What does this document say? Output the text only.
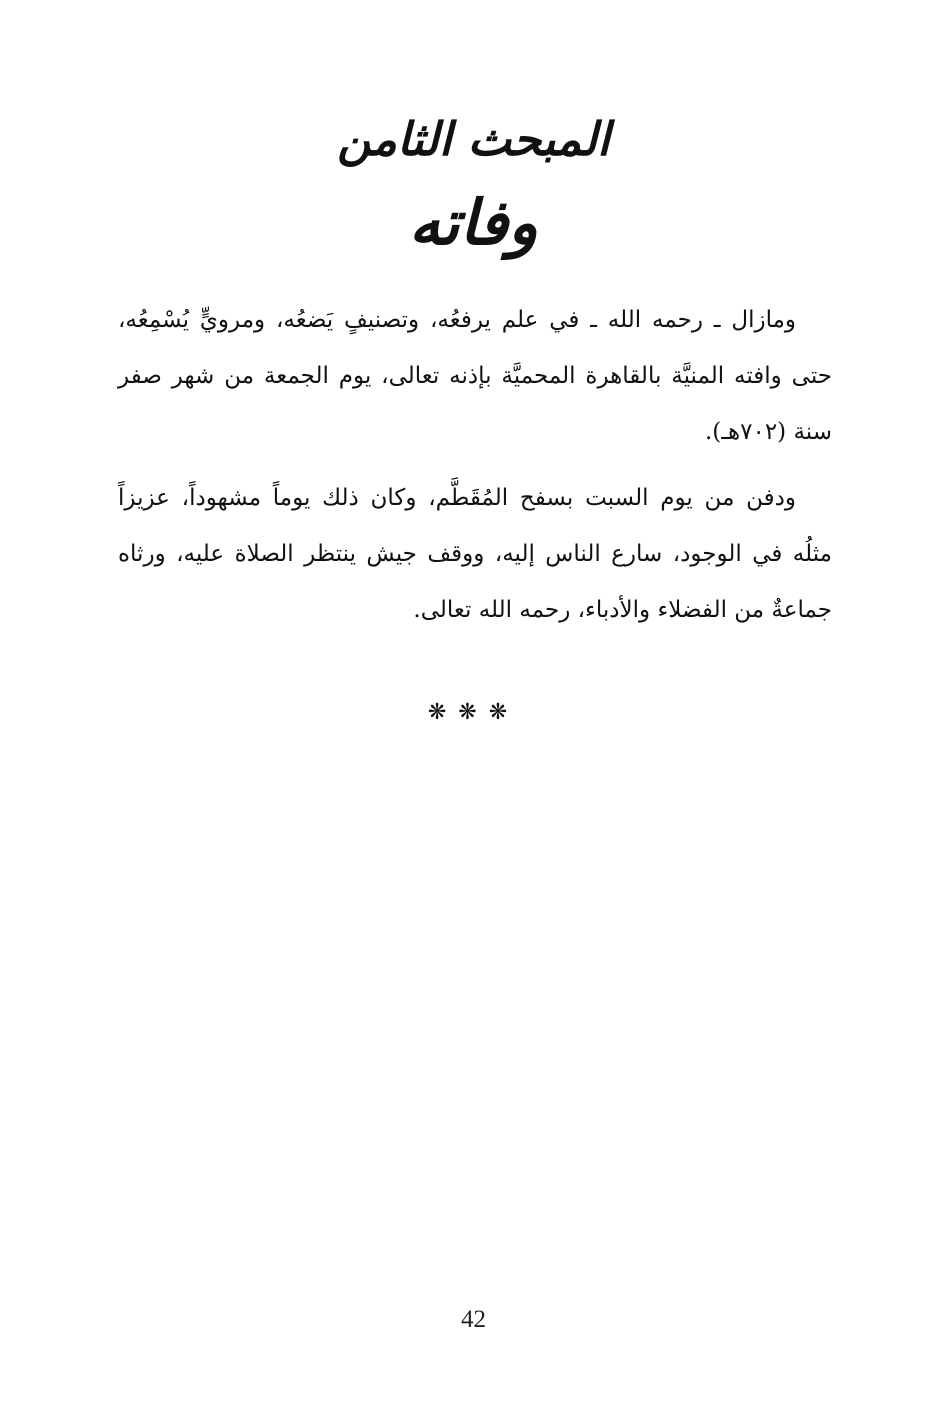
المبحث الثامن
وفاته

ومازال ـ رحمه الله ـ في علم يرفعُه، وتصنيفٍ يَضعُه، ومرويٍّ يُسْمِعُه، حتى وافته المنيَّة بالقاهرة المحميَّة بإذنه تعالى، يوم الجمعة من شهر صفر سنة (٧٠٢هـ).

ودفن من يوم السبت بسفح المُقَطَّم، وكان ذلك يوماً مشهوداً، عزيزاً مثلُه في الوجود، سارع الناس إليه، ووقف جيش ينتظر الصلاة عليه، ورثاه جماعةٌ من الفضلاء والأدباء، رحمه الله تعالى.

❋❋❋
42
